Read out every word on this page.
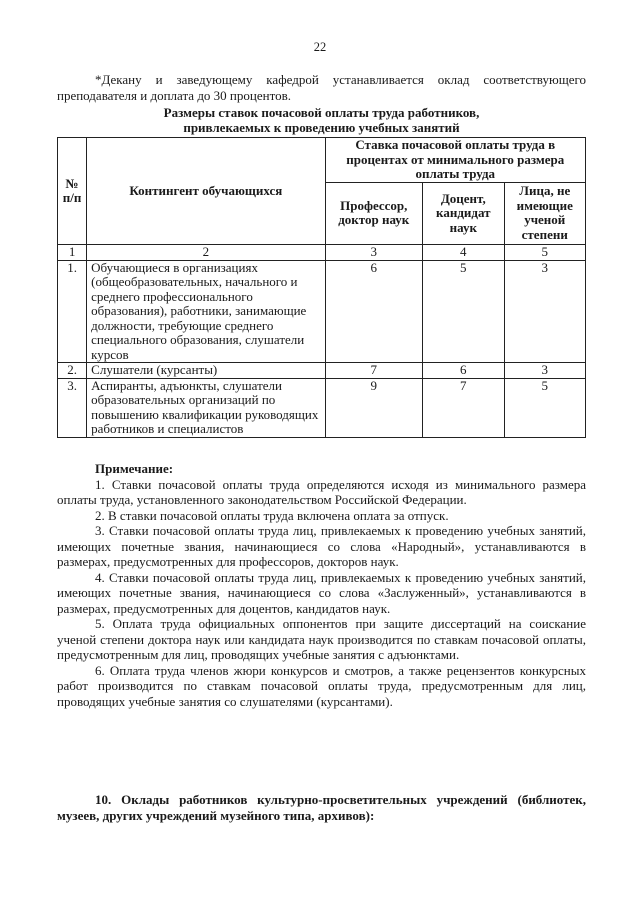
22

*Декану и заведующему кафедрой устанавливается оклад соответствующего преподавателя и доплата до 30 процентов.

Размеры ставок почасовой оплаты труда работников,
привлекаемых к проведению учебных занятий
№ п/п	Контингент обучающихся	Ставка почасовой оплаты труда в процентах от минимального размера оплаты труда		
		Профессор, доктор наук	Доцент, кандидат наук	Лица, не имеющие ученой степени
1	2	3	4	5
1.	Обучающиеся в организациях (общеобразовательных, начального и среднего профессионального образования), работники, занимающие должности, требующие среднего специального образования, слушатели курсов	6	5	3
2.	Слушатели (курсанты)	7	6	3
3.	Аспиранты, адъюнкты, слушатели образовательных организаций по повышению квалификации руководящих работников и специалистов	9	7	5
Примечание:

1. Ставки почасовой оплаты труда определяются исходя из минимального размера оплаты труда, установленного законодательством Российской Федерации.

2. В ставки почасовой оплаты труда включена оплата за отпуск.

3. Ставки почасовой оплаты труда лиц, привлекаемых к проведению учебных занятий, имеющих почетные звания, начинающиеся со слова «Народный», устанавливаются в размерах, предусмотренных для профессоров, докторов наук.

4. Ставки почасовой оплаты труда лиц, привлекаемых к проведению учебных занятий, имеющих почетные звания, начинающиеся со слова «Заслуженный», устанавливаются в размерах, предусмотренных для доцентов, кандидатов наук.

5. Оплата труда официальных оппонентов при защите диссертаций на соискание ученой степени доктора наук или кандидата наук производится по ставкам почасовой оплаты, предусмотренным для лиц, проводящих учебные занятия с адъюнктами.

6. Оплата труда членов жюри конкурсов и смотров, а также рецензентов конкурсных работ производится по ставкам почасовой оплаты труда, предусмотренным для лиц, проводящих учебные занятия со слушателями (курсантами).

10. Оклады работников культурно-просветительных учреждений (библиотек, музеев, других учреждений музейного типа, архивов):
